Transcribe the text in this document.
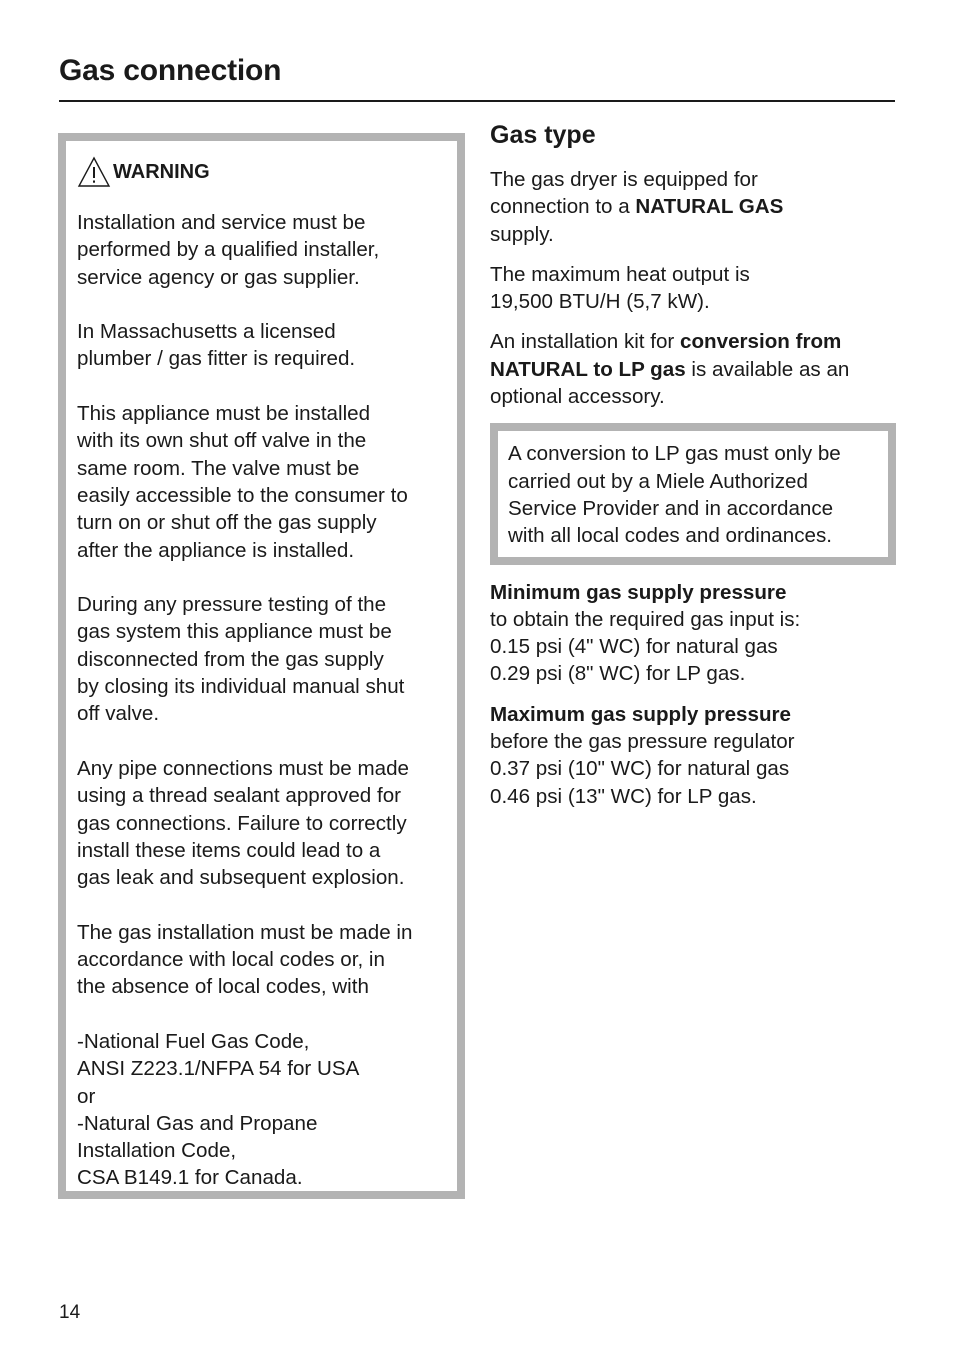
Gas connection
WARNING

Installation and service must be
performed by a qualified installer,
service agency or gas supplier.

In Massachusetts a licensed
plumber / gas fitter is required.

This appliance must be installed
with its own shut off valve in the
same room. The valve must be
easily accessible to the consumer to
turn on or shut off the gas supply
after the appliance is installed.

During any pressure testing of the
gas system this appliance must be
disconnected from the gas supply
by closing its individual manual shut
off valve.

Any pipe connections must be made
using a thread sealant approved for
gas connections. Failure to correctly
install these items could lead to a
gas leak and subsequent explosion.

The gas installation must be made in
accordance with local codes or, in
the absence of local codes, with

-National Fuel Gas Code,
ANSI Z223.1/NFPA 54 for USA
or
-Natural Gas and Propane
Installation Code,
CSA B149.1 for Canada.

Gas type

The gas dryer is equipped for
connection to a NATURAL GAS
supply.

The maximum heat output is
19,500 BTU/H (5,7 kW).

An installation kit for conversion from
NATURAL to LP gas is available as an
optional accessory.

A conversion to LP gas must only be
carried out by a Miele Authorized
Service Provider and in accordance
with all local codes and ordinances.

Minimum gas supply pressure
to obtain the required gas input is:
0.15 psi (4" WC) for natural gas
0.29 psi (8" WC) for LP gas.

Maximum gas supply pressure
before the gas pressure regulator
0.37 psi (10" WC) for natural gas
0.46 psi (13" WC) for LP gas.

14
